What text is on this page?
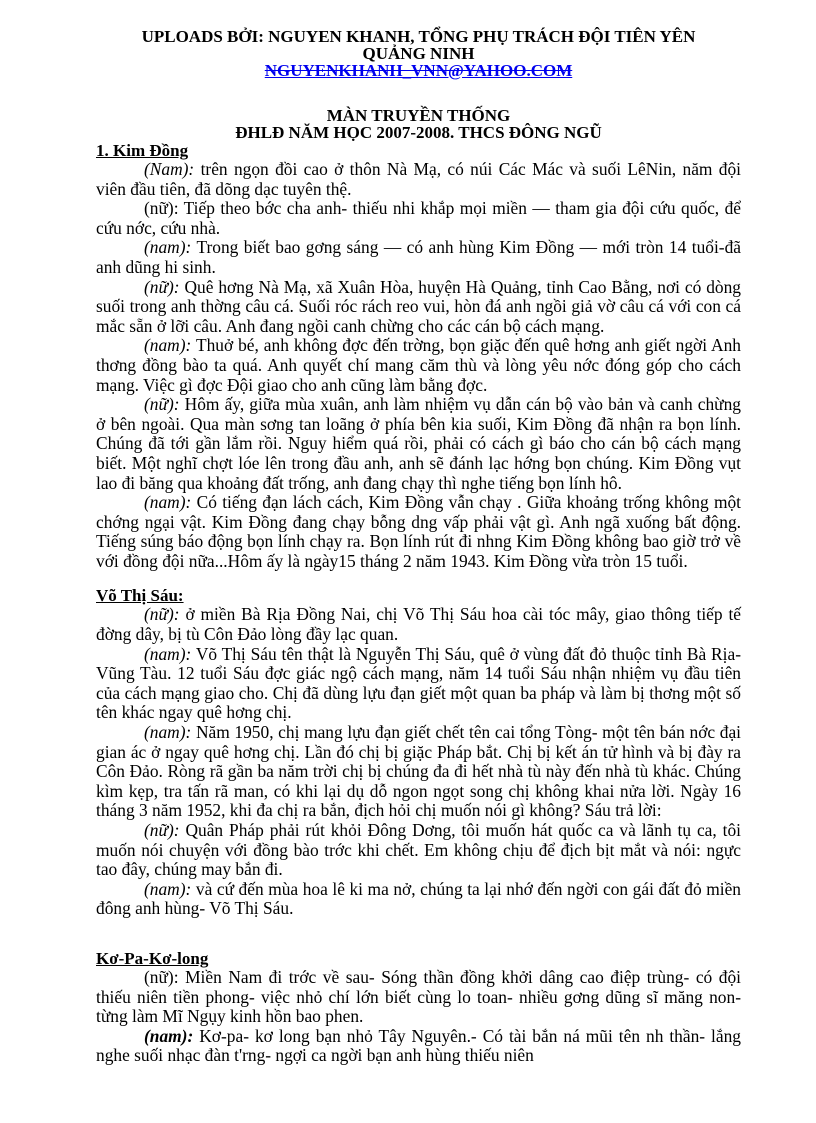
UPLOADS BỞI: NGUYEN KHANH, TỔNG PHỤ TRÁCH ĐỘI TIÊN YÊN
QUẢNG NINH
NGUYENKHANH_VNN@YAHOO.COM
MÀN TRUYỀN THỐNG
ĐHLĐ NĂM HỌC 2007-2008. THCS ĐÔNG NGŨ
1. Kim Đồng

(Nam): trên ngọn đồi cao ở thôn Nà Mạ, có núi Các Mác và suối LêNin, năm đội viên đầu tiên, đã dõng dạc tuyên thệ.

(nữ): Tiếp theo bớc cha anh- thiếu nhi khắp mọi miền — tham gia đội cứu quốc, để cứu nớc, cứu nhà.

(nam): Trong biết bao gơng sáng — có anh hùng Kim Đồng — mới tròn 14 tuổi-đã anh dũng hi sinh.

(nữ): Quê hơng Nà Mạ, xã Xuân Hòa, huyện Hà Quảng, tỉnh Cao Bằng, nơi có dòng suối trong anh thờng câu cá. Suối róc rách reo vui, hòn đá anh ngồi giả vờ câu cá với con cá mắc sẵn ở lỡi câu. Anh đang ngồi canh chừng cho các cán bộ cách mạng.

(nam): Thuở bé, anh không đợc đến trờng, bọn giặc đến quê hơng anh giết ngời Anh thơng đồng bào ta quá. Anh quyết chí mang căm thù và lòng yêu nớc đóng góp cho cách mạng. Việc gì đợc Đội giao cho anh cũng làm bằng đợc.

(nữ): Hôm ấy, giữa mùa xuân, anh làm nhiệm vụ dẫn cán bộ vào bản và canh chừng ở bên ngoài. Qua màn sơng tan loãng ở phía bên kia suối, Kim Đồng đã nhận ra bọn lính. Chúng đã tới gần lắm rồi. Nguy hiểm quá rồi, phải có cách gì báo cho cán bộ cách mạng biết. Một nghĩ chợt lóe lên trong đầu anh, anh sẽ đánh lạc hớng bọn chúng. Kim Đồng vụt lao đi băng qua khoảng đất trống, anh đang chạy thì nghe tiếng bọn lính hô.

(nam): Có tiếng đạn lách cách, Kim Đồng vẫn chạy . Giữa khoảng trống không một chớng ngại vật. Kim Đồng đang chạy bỗng dng vấp phải vật gì. Anh ngã xuống bất động. Tiếng súng báo động bọn lính chạy ra. Bọn lính rút đi nhng Kim Đồng không bao giờ trở về với đồng đội nữa...Hôm ấy là ngày15 tháng 2 năm 1943. Kim Đồng vừa tròn 15 tuổi.

Võ Thị Sáu:

(nữ): ở miền Bà Rịa Đồng Nai, chị Võ Thị Sáu hoa cài tóc mây, giao thông tiếp tế đờng dây, bị tù Côn Đảo lòng đầy lạc quan.

(nam): Võ Thị Sáu tên thật là Nguyễn Thị Sáu, quê ở vùng đất đỏ thuộc tỉnh Bà Rịa-Vũng Tàu. 12 tuổi Sáu đợc giác ngộ cách mạng, năm 14 tuổi Sáu nhận nhiệm vụ đầu tiên của cách mạng giao cho. Chị đã dùng lựu đạn giết một quan ba pháp và làm bị thơng một số tên khác ngay quê hơng chị.

(nam): Năm 1950, chị mang lựu đạn giết chết tên cai tổng Tòng- một tên bán nớc đại gian ác ở ngay quê hơng chị. Lần đó chị bị giặc Pháp bắt. Chị bị kết án tử hình và bị đày ra Côn Đảo. Ròng rã gần ba năm trời chị bị chúng đa đi hết nhà tù này đến nhà tù khác. Chúng kìm kẹp, tra tấn rã man, có khi lại dụ dỗ ngon ngọt song chị không khai nửa lời. Ngày 16 tháng 3 năm 1952, khi đa chị ra bắn, địch hỏi chị muốn nói gì không? Sáu trả lời:

(nữ): Quân Pháp phải rút khỏi Đông Dơng, tôi muốn hát quốc ca và lãnh tụ ca, tôi muốn nói chuyện với đồng bào trớc khi chết. Em không chịu để địch bịt mắt và nói: ngực tao đây, chúng may bắn đi.

(nam): và cứ đến mùa hoa lê ki ma nở, chúng ta lại nhớ đến ngời con gái đất đỏ miền đông anh hùng- Võ Thị Sáu.

Kơ-Pa-Kơ-long

(nữ): Miền Nam đi trớc về sau- Sóng thần đồng khởi dâng cao điệp trùng- có đội thiếu niên tiền phong- việc nhỏ chí lớn biết cùng lo toan- nhiều gơng dũng sĩ măng non- từng làm Mĩ Ngụy kinh hồn bao phen.

(nam): Kơ-pa- kơ long bạn nhỏ Tây Nguyên.- Có tài bắn ná mũi tên nh thần- lắng nghe suối nhạc đàn t'rng- ngợi ca ngời bạn anh hùng thiếu niên
